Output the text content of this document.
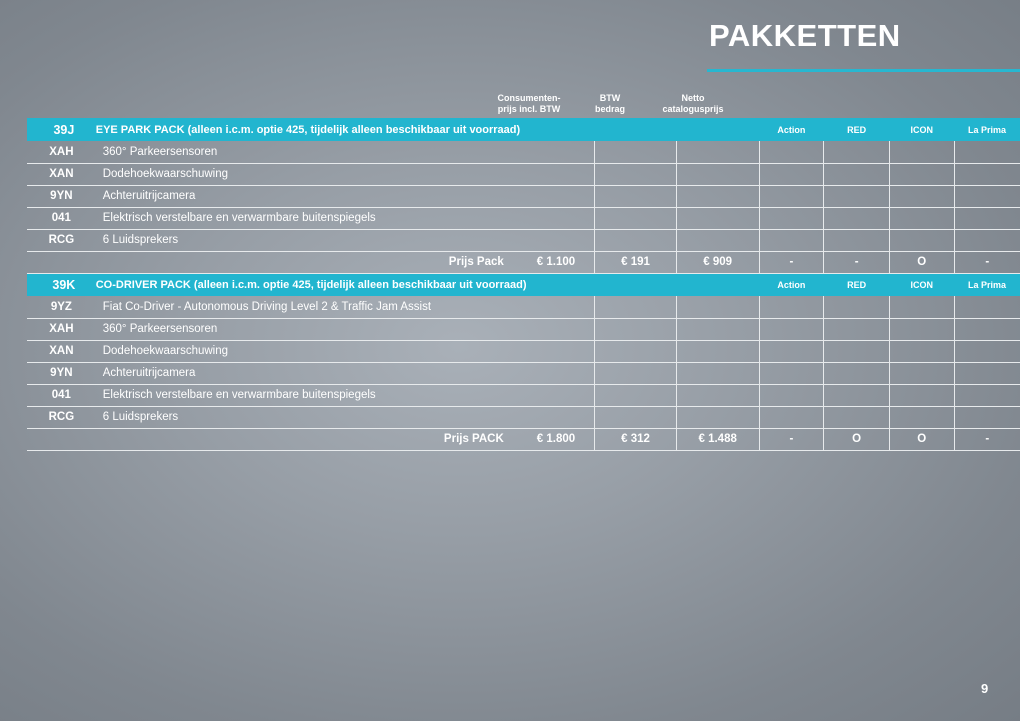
PAKKETTEN
Consumenten-
prijs incl. BTW
BTW
bedrag
Netto
catalogusprijs
39J	EYE PARK PACK (alleen i.c.m. optie 425, tijdelijk alleen beschikbaar uit voorraad)				Action	RED	ICON	La Prima
XAH	360° Parkeersensoren							
XAN	Dodehoekwaarschuwing							
9YN	Achteruitrijcamera							
041	Elektrisch verstelbare en verwarmbare buitenspiegels							
RCG	6 Luidsprekers							
Prijs Pack		€ 1.100	€ 191	€ 909	-	-	O	-
39K	CO-DRIVER PACK (alleen i.c.m. optie 425, tijdelijk alleen beschikbaar uit voorraad)				Action	RED	ICON	La Prima
9YZ	Fiat Co-Driver - Autonomous Driving Level 2 & Traffic Jam Assist							
XAH	360° Parkeersensoren							
XAN	Dodehoekwaarschuwing							
9YN	Achteruitrijcamera							
041	Elektrisch verstelbare en verwarmbare buitenspiegels							
RCG	6 Luidsprekers							
Prijs PACK		€ 1.800	€ 312	€ 1.488	-	O	O	-
9
